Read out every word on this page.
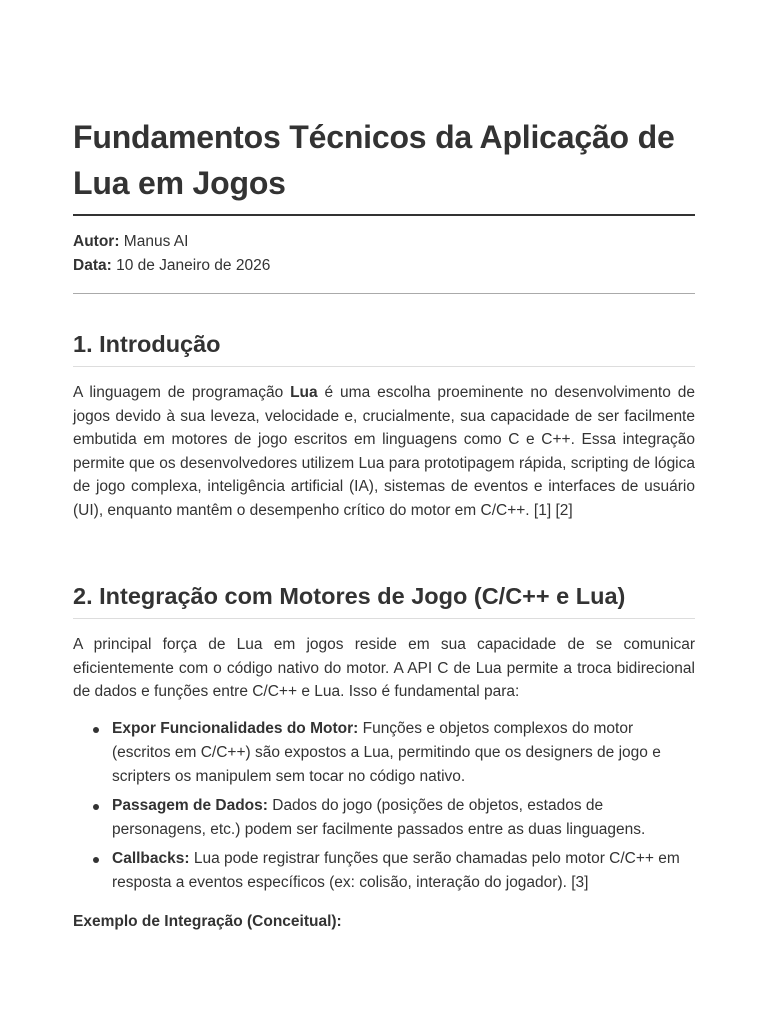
Fundamentos Técnicos da Aplicação de Lua em Jogos
Autor: Manus AI
Data: 10 de Janeiro de 2026
1. Introdução

A linguagem de programação Lua é uma escolha proeminente no desenvolvimento de jogos devido à sua leveza, velocidade e, crucialmente, sua capacidade de ser facilmente embutida em motores de jogo escritos em linguagens como C e C++. Essa integração permite que os desenvolvedores utilizem Lua para prototipagem rápida, scripting de lógica de jogo complexa, inteligência artificial (IA), sistemas de eventos e interfaces de usuário (UI), enquanto mantêm o desempenho crítico do motor em C/C++. [1] [2]

2. Integração com Motores de Jogo (C/C++ e Lua)

A principal força de Lua em jogos reside em sua capacidade de se comunicar eficientemente com o código nativo do motor. A API C de Lua permite a troca bidirecional de dados e funções entre C/C++ e Lua. Isso é fundamental para:

Expor Funcionalidades do Motor: Funções e objetos complexos do motor (escritos em C/C++) são expostos a Lua, permitindo que os designers de jogo e scripters os manipulem sem tocar no código nativo.
Passagem de Dados: Dados do jogo (posições de objetos, estados de personagens, etc.) podem ser facilmente passados entre as duas linguagens.
Callbacks: Lua pode registrar funções que serão chamadas pelo motor C/C++ em resposta a eventos específicos (ex: colisão, interação do jogador). [3]
Exemplo de Integração (Conceitual):
